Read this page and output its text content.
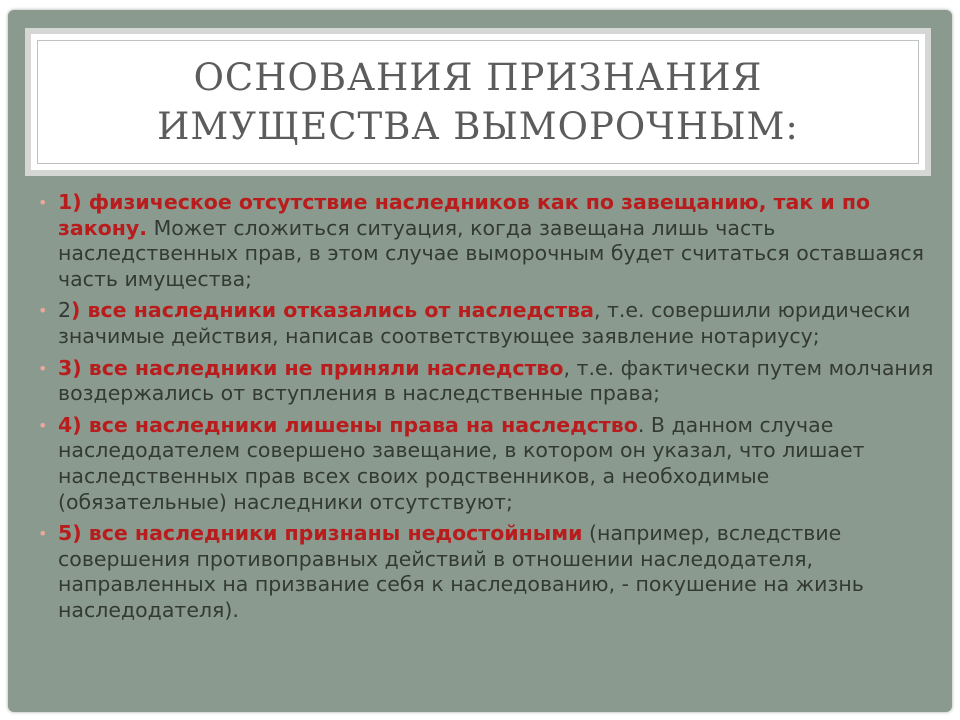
ОСНОВАНИЯ ПРИЗНАНИЯ
ИМУЩЕСТВА ВЫМОРОЧНЫМ:
• 1) физическое отсутствие наследников как по завещанию, так и по закону. Может сложиться ситуация, когда завещана лишь часть наследственных прав, в этом случае выморочным будет считаться оставшаяся часть имущества;
• 2) все наследники отказались от наследства, т.е. совершили юридически значимые действия, написав соответствующее заявление нотариусу;
• 3) все наследники не приняли наследство, т.е. фактически путем молчания воздержались от вступления в наследственные права;
• 4) все наследники лишены права на наследство. В данном случае наследодателем совершено завещание, в котором он указал, что лишает наследственных прав всех своих родственников, а необходимые (обязательные) наследники отсутствуют;
• 5) все наследники признаны недостойными (например, вследствие совершения противоправных действий в отношении наследодателя, направленных на призвание себя к наследованию, - покушение на жизнь наследодателя).
